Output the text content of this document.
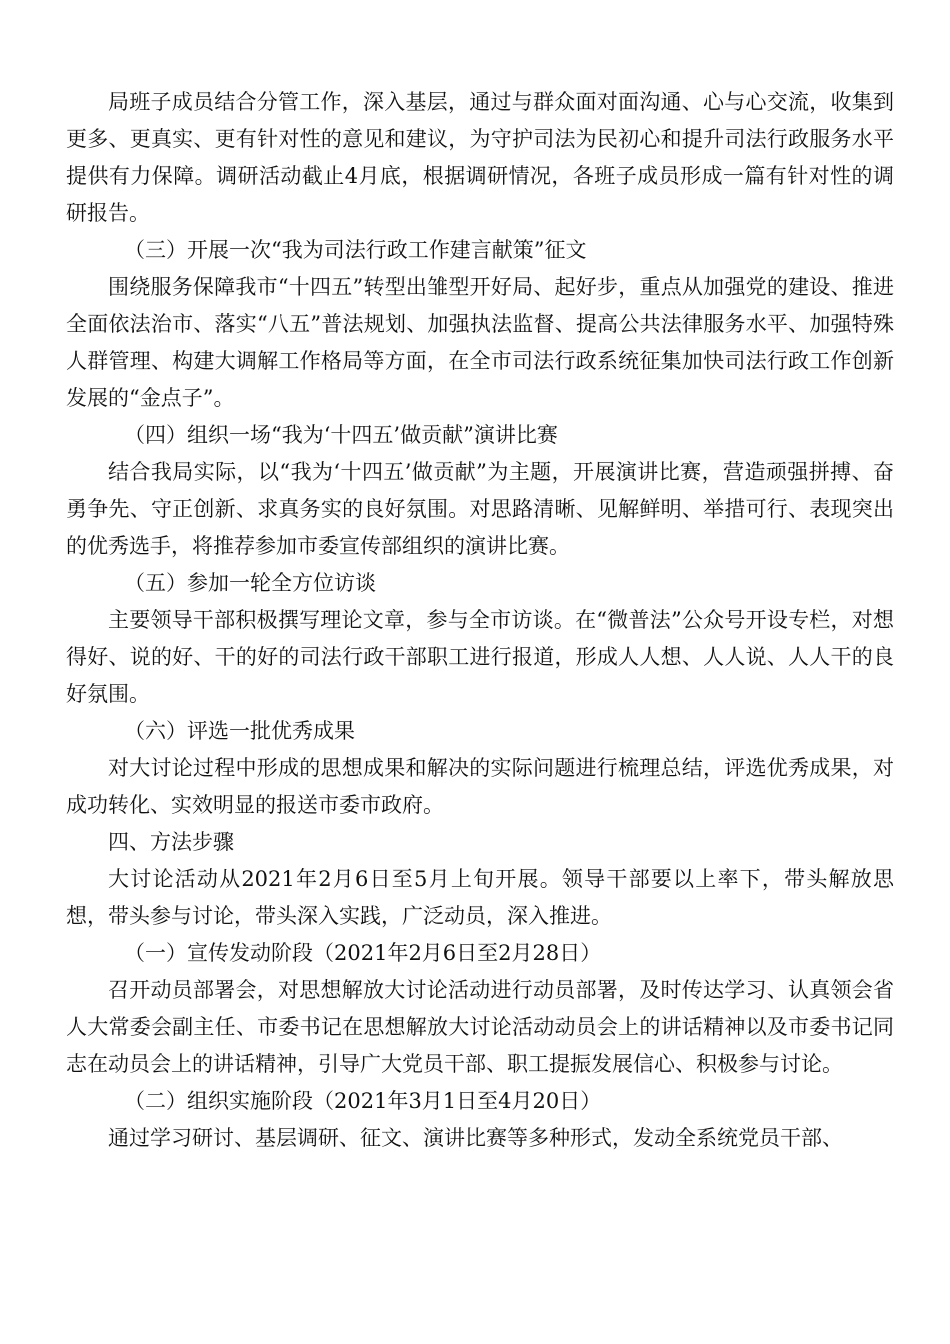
局班子成员结合分管工作，深入基层，通过与群众面对面沟通、心与心交流，收集到更多、更真实、更有针对性的意见和建议，为守护司法为民初心和提升司法行政服务水平提供有力保障。调研活动截止4月底，根据调研情况，各班子成员形成一篇有针对性的调研报告。

（三）开展一次“我为司法行政工作建言献策”征文

围绕服务保障我市“十四五”转型出雏型开好局、起好步，重点从加强党的建设、推进全面依法治市、落实“八五”普法规划、加强执法监督、提高公共法律服务水平、加强特殊人群管理、构建大调解工作格局等方面，在全市司法行政系统征集加快司法行政工作创新发展的“金点子”。

（四）组织一场“我为‘十四五’做贡献”演讲比赛

结合我局实际，以“我为‘十四五’做贡献”为主题，开展演讲比赛，营造顽强拼搏、奋勇争先、守正创新、求真务实的良好氛围。对思路清晰、见解鲜明、举措可行、表现突出的优秀选手，将推荐参加市委宣传部组织的演讲比赛。

（五）参加一轮全方位访谈

主要领导干部积极撰写理论文章，参与全市访谈。在“微普法”公众号开设专栏，对想得好、说的好、干的好的司法行政干部职工进行报道，形成人人想、人人说、人人干的良好氛围。

（六）评选一批优秀成果

对大讨论过程中形成的思想成果和解决的实际问题进行梳理总结，评选优秀成果，对成功转化、实效明显的报送市委市政府。

四、方法步骤

大讨论活动从2021年2月6日至5月上旬开展。领导干部要以上率下，带头解放思想，带头参与讨论，带头深入实践，广泛动员，深入推进。

（一）宣传发动阶段（2021年2月6日至2月28日）

召开动员部署会，对思想解放大讨论活动进行动员部署，及时传达学习、认真领会省人大常委会副主任、市委书记在思想解放大讨论活动动员会上的讲话精神以及市委书记同志在动员会上的讲话精神，引导广大党员干部、职工提振发展信心、积极参与讨论。

（二）组织实施阶段（2021年3月1日至4月20日）

通过学习研讨、基层调研、征文、演讲比赛等多种形式，发动全系统党员干部、
